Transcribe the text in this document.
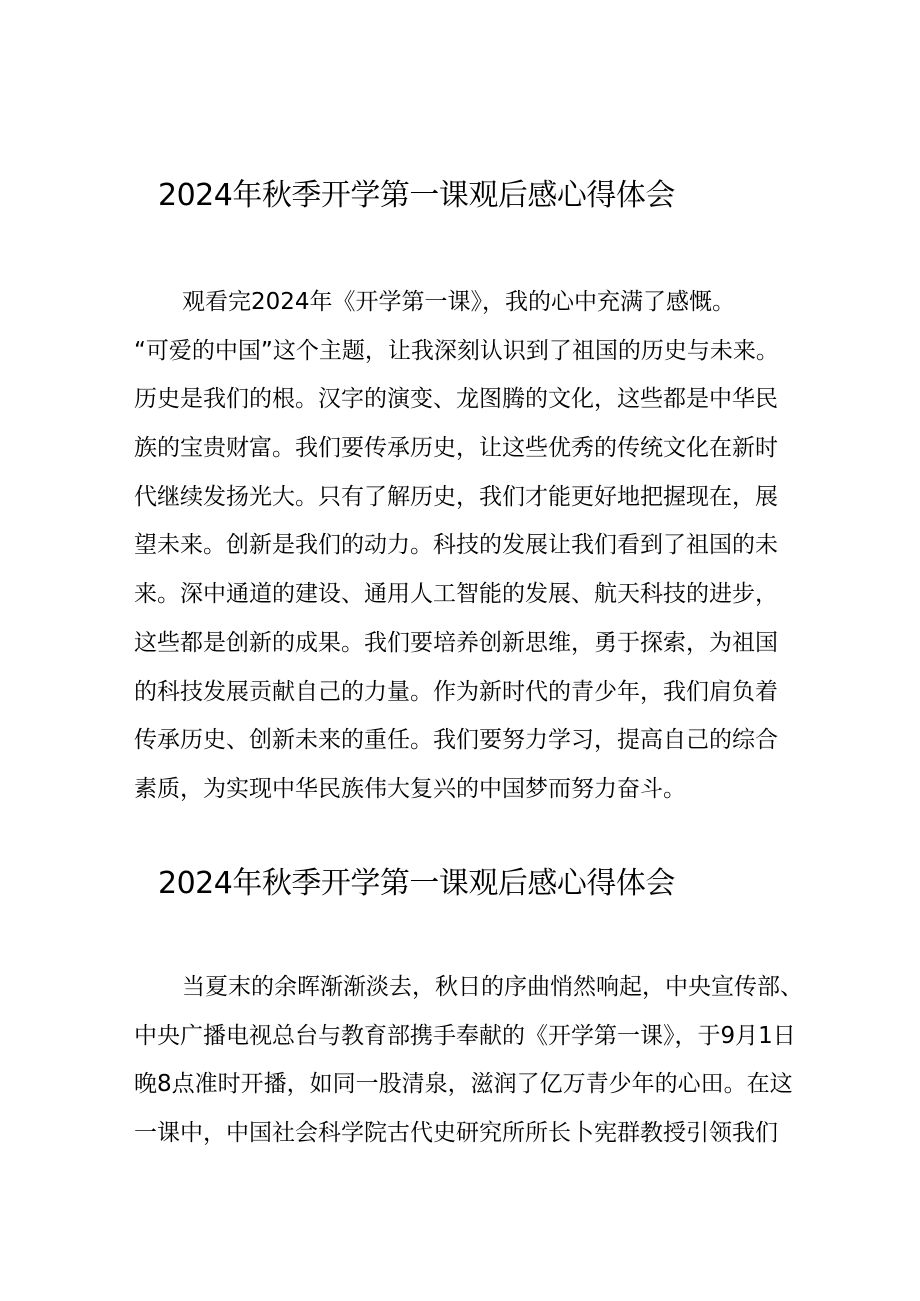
2024年秋季开学第一课观后感心得体会
观看完2024年《开学第一课》，我的心中充满了感慨。
“可爱的中国”这个主题，让我深刻认识到了祖国的历史与未来。
历史是我们的根。汉字的演变、龙图腾的文化，这些都是中华民
族的宝贵财富。我们要传承历史，让这些优秀的传统文化在新时
代继续发扬光大。只有了解历史，我们才能更好地把握现在，展
望未来。创新是我们的动力。科技的发展让我们看到了祖国的未
来。深中通道的建设、通用人工智能的发展、航天科技的进步，
这些都是创新的成果。我们要培养创新思维，勇于探索，为祖国
的科技发展贡献自己的力量。作为新时代的青少年，我们肩负着
传承历史、创新未来的重任。我们要努力学习，提高自己的综合
素质，为实现中华民族伟大复兴的中国梦而努力奋斗。
2024年秋季开学第一课观后感心得体会
当夏末的余晖渐渐淡去，秋日的序曲悄然响起，中央宣传部、
中央广播电视总台与教育部携手奉献的《开学第一课》，于9月1日
晚8点准时开播，如同一股清泉，滋润了亿万青少年的心田。在这
一课中，中国社会科学院古代史研究所所长卜宪群教授引领我们
